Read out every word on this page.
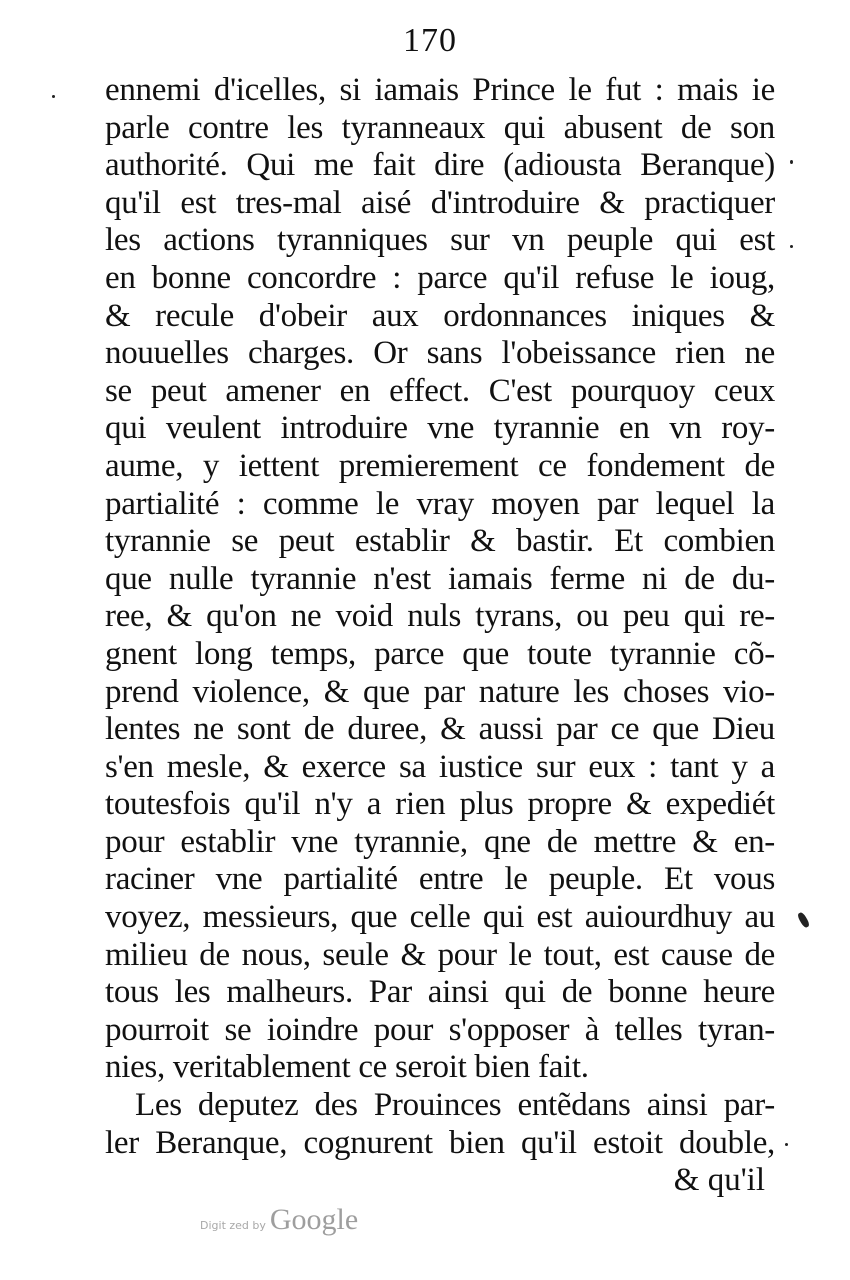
170
ennemi d'icelles, si iamais Prince le fut : mais ie
parle contre les tyranneaux qui abusent de son
authorité. Qui me fait dire (adiousta Beranque)
qu'il est tres-mal aisé d'introduire & practiquer
les actions tyranniques sur vn peuple qui est
en bonne concordre : parce qu'il refuse le ioug,
& recule d'obeir aux ordonnances iniques &
nouuelles charges. Or sans l'obeissance rien ne
se peut amener en effect. C'est pourquoy ceux
qui veulent introduire vne tyrannie en vn roy-
aume, y iettent premierement ce fondement de
partialité : comme le vray moyen par lequel la
tyrannie se peut establir & bastir. Et combien
que nulle tyrannie n'est iamais ferme ni de du-
ree, & qu'on ne void nuls tyrans, ou peu qui re-
gnent long temps, parce que toute tyrannie cõ-
prend violence, & que par nature les choses vio-
lentes ne sont de duree, & aussi par ce que Dieu
s'en mesle, & exerce sa iustice sur eux : tant y a
toutesfois qu'il n'y a rien plus propre & expediét
pour establir vne tyrannie, qne de mettre & en-
raciner vne partialité entre le peuple. Et vous
voyez, messieurs, que celle qui est auiourdhuy au
milieu de nous, seule & pour le tout, est cause de
tous les malheurs. Par ainsi qui de bonne heure
pourroit se ioindre pour s'opposer à telles tyran-
nies, veritablement ce seroit bien fait.
Les deputez des Prouinces entẽdans ainsi par-
ler Beranque, cognurent bien qu'il estoit double,
& qu'il
Digit zed by Google
